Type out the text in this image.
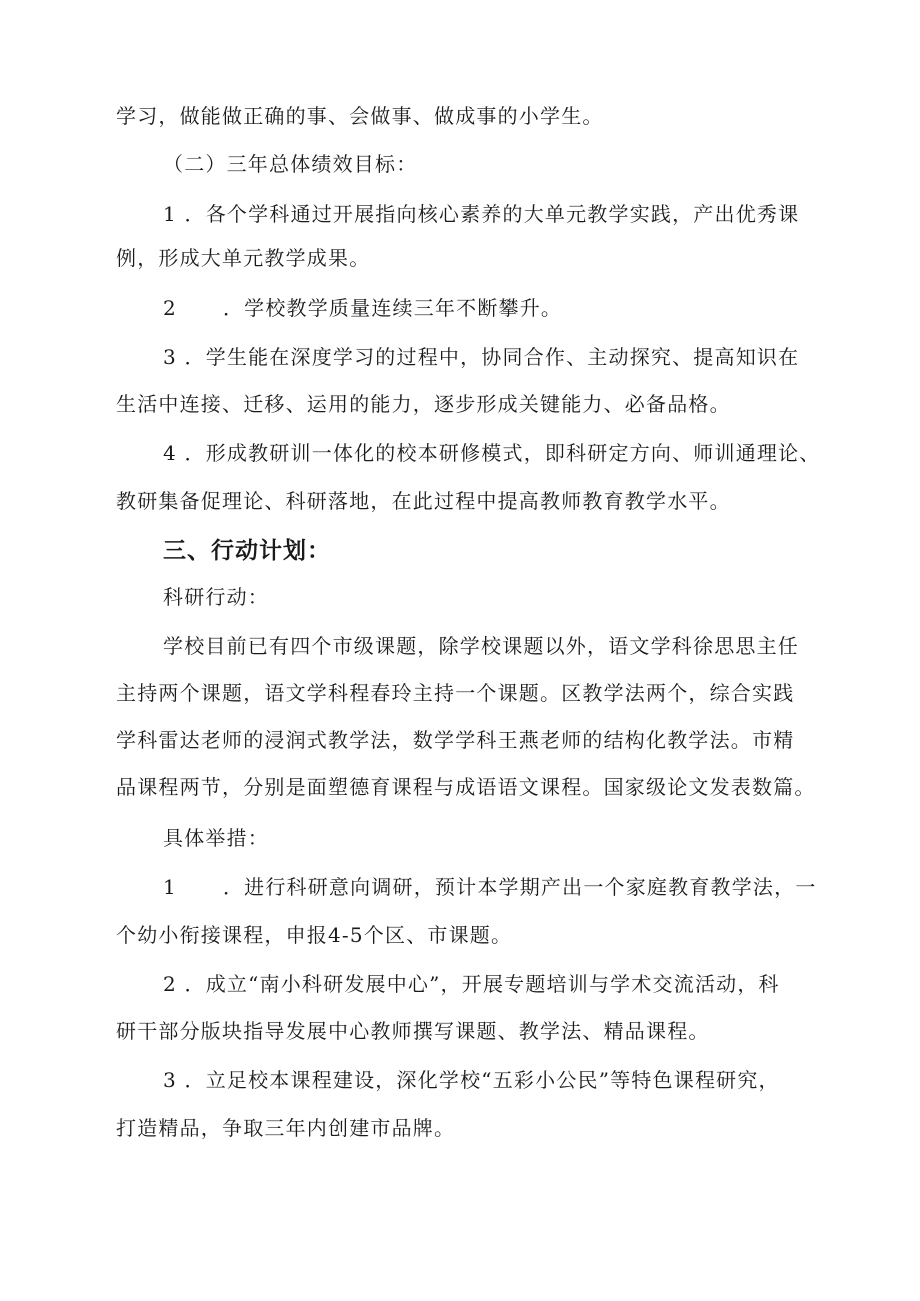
学习，做能做正确的事、会做事、做成事的小学生。
（二）三年总体绩效目标：
1 ．各个学科通过开展指向核心素养的大单元教学实践，产出优秀课
例，形成大单元教学成果。
2 ．学校教学质量连续三年不断攀升。
3 ．学生能在深度学习的过程中，协同合作、主动探究、提高知识在
生活中连接、迁移、运用的能力，逐步形成关键能力、必备品格。
4 ．形成教研训一体化的校本研修模式，即科研定方向、师训通理论、
教研集备促理论、科研落地，在此过程中提高教师教育教学水平。
三、行动计划：
科研行动：
学校目前已有四个市级课题，除学校课题以外，语文学科徐思思主任
主持两个课题，语文学科程春玲主持一个课题。区教学法两个，综合实践
学科雷达老师的浸润式教学法，数学学科王燕老师的结构化教学法。市精
品课程两节，分别是面塑德育课程与成语语文课程。国家级论文发表数篇。
具体举措：
1 ．进行科研意向调研，预计本学期产出一个家庭教育教学法，一
个幼小衔接课程，申报4-5个区、市课题。
2 ．成立“南小科研发展中心”，开展专题培训与学术交流活动，科
研干部分版块指导发展中心教师撰写课题、教学法、精品课程。
3 ．立足校本课程建设，深化学校“五彩小公民”等特色课程研究，
打造精品，争取三年内创建市品牌。
